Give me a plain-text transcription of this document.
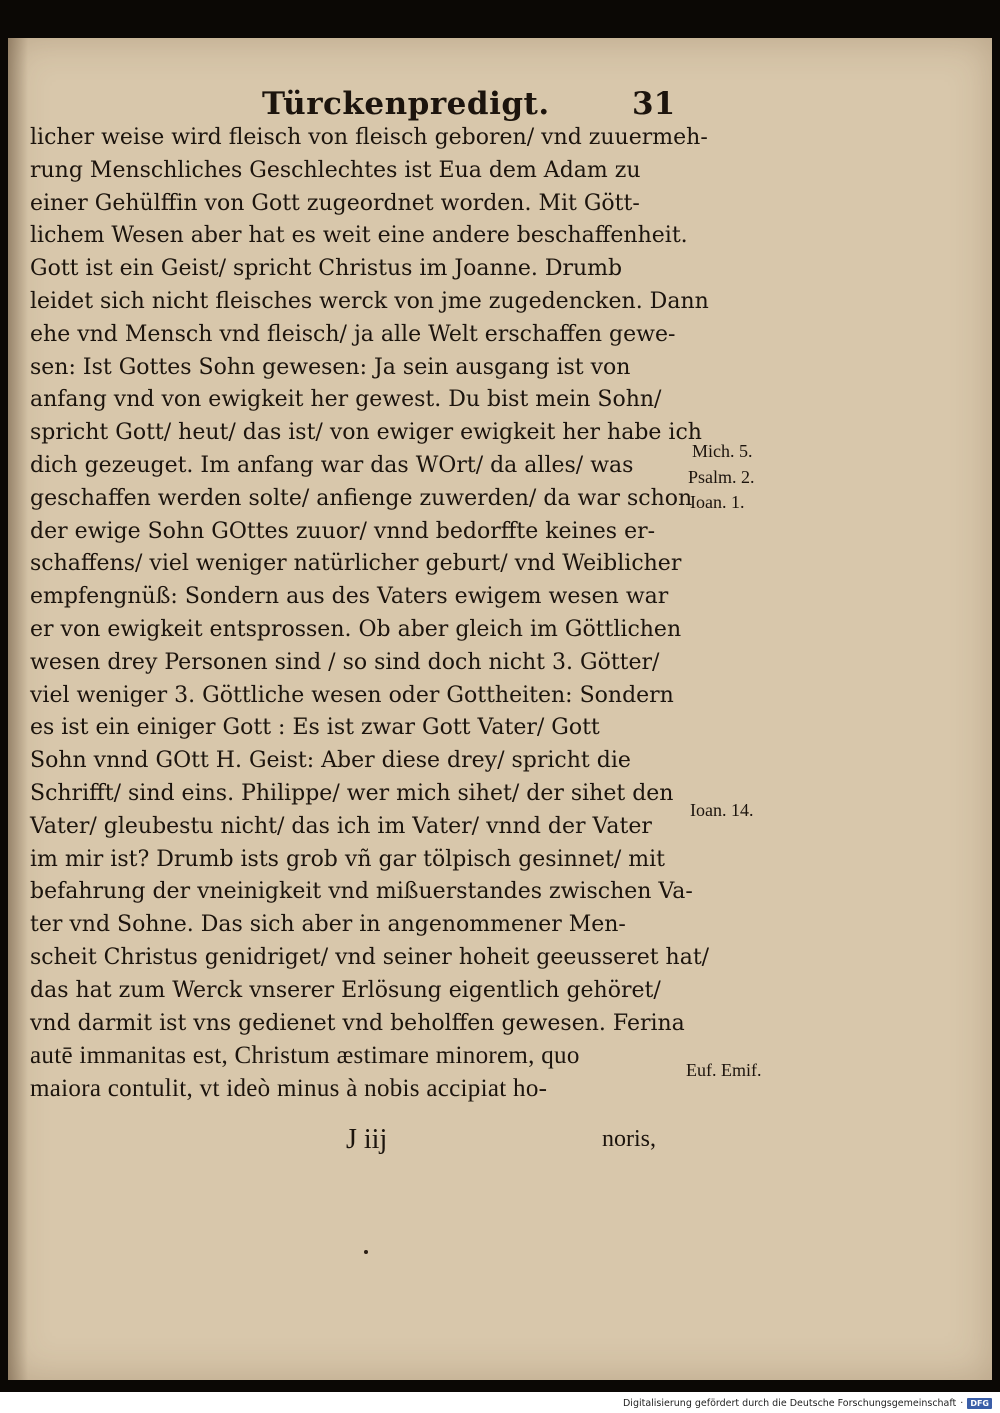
Türckenpredigt.	31
licher weise wird fleisch von fleisch geboren/ vnd zuuermeh-
rung Menschliches Geschlechtes ist Eua dem Adam zu
einer Gehülffin von Gott zugeordnet worden. Mit Gött-
lichem Wesen aber hat es weit eine andere beschaffenheit.
Gott ist ein Geist/ spricht Christus im Joanne. Drumb
leidet sich nicht fleisches werck von jme zugedencken. Dann
ehe vnd Mensch vnd fleisch/ ja alle Welt erschaffen gewe-
sen: Ist Gottes Sohn gewesen: Ja sein ausgang ist von
anfang vnd von ewigkeit her gewest. Du bist mein Sohn/
spricht Gott/ heut/ das ist/ von ewiger ewigkeit her habe ich
dich gezeuget. Im anfang war das WOrt/ da alles/ was
geschaffen werden solte/ anfienge zuwerden/ da war schon
der ewige Sohn GOttes zuuor/ vnnd bedorffte keines er-
schaffens/ viel weniger natürlicher geburt/ vnd Weiblicher
empfengnüß: Sondern aus des Vaters ewigem wesen war
er von ewigkeit entsprossen. Ob aber gleich im Göttlichen
wesen drey Personen sind / so sind doch nicht 3. Götter/
viel weniger 3. Göttliche wesen oder Gottheiten: Sondern
es ist ein einiger Gott : Es ist zwar Gott Vater/ Gott
Sohn vnnd GOtt H. Geist: Aber diese drey/ spricht die
Schrifft/ sind eins. Philippe/ wer mich sihet/ der sihet den
Vater/ gleubestu nicht/ das ich im Vater/ vnnd der Vater
im mir ist? Drumb ists grob vñ gar tölpisch gesinnet/ mit
befahrung der vneinigkeit vnd mißuerstandes zwischen Va-
ter vnd Sohne. Das sich aber in angenommener Men-
scheit Christus genidriget/ vnd seiner hoheit geeusseret hat/
das hat zum Werck vnserer Erlösung eigentlich gehöret/
vnd darmit ist vns gedienet vnd beholffen gewesen. Ferina
autē immanitas est, Christum æstimare minorem, quo
maiora contulit, vt ideò minus à nobis accipiat ho-
Mich. 5.
Psalm. 2.
Ioan. 1.
Ioan. 14.
Euf. Emif.
J iij	noris,
Digitalisierung gefördert durch die Deutsche Forschungsgemeinschaft · DFG
